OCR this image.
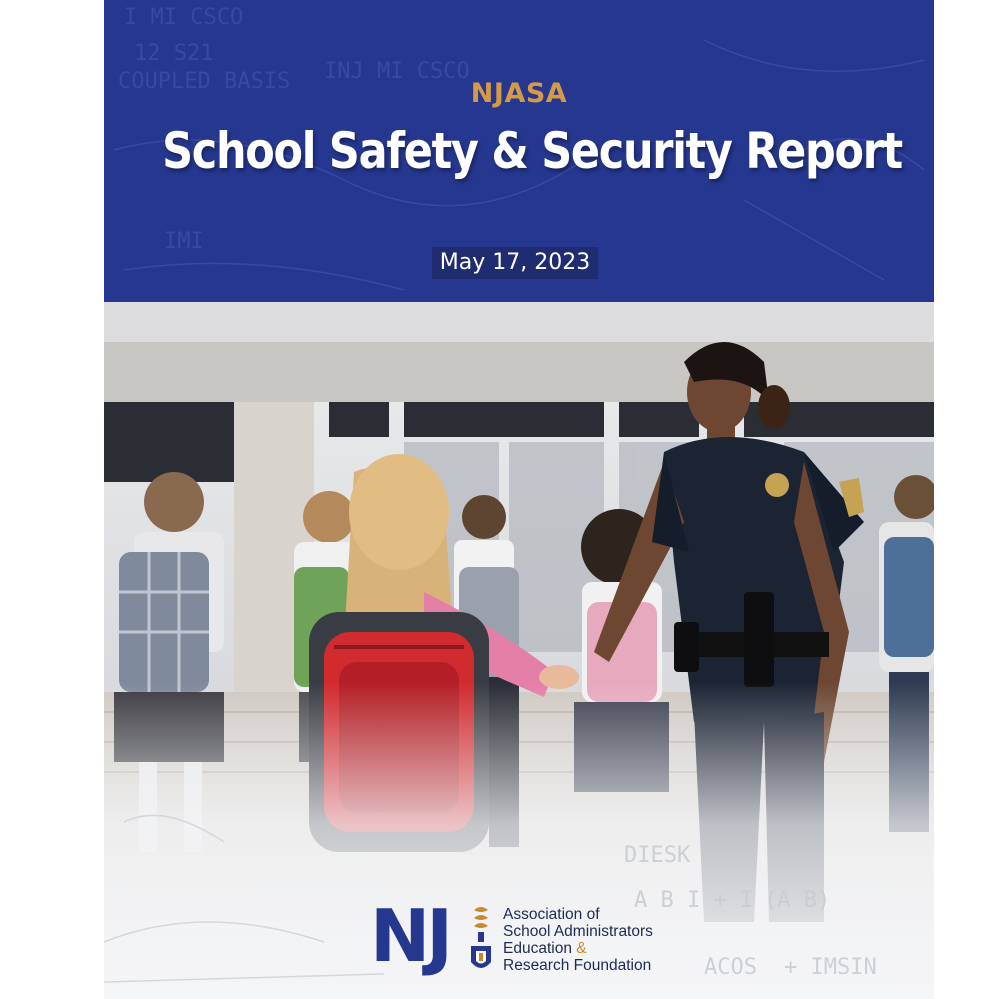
I MI CSCO
COUPLED BASIS INJ MI CSCO
12 S21
IMI
NJASA
School Safety & Security Report
May 17, 2023
DIESK
A B I + I (A B)
+ IMSIN
ACOS
NJ	Association of
School Administrators
Education &
Research Foundation
